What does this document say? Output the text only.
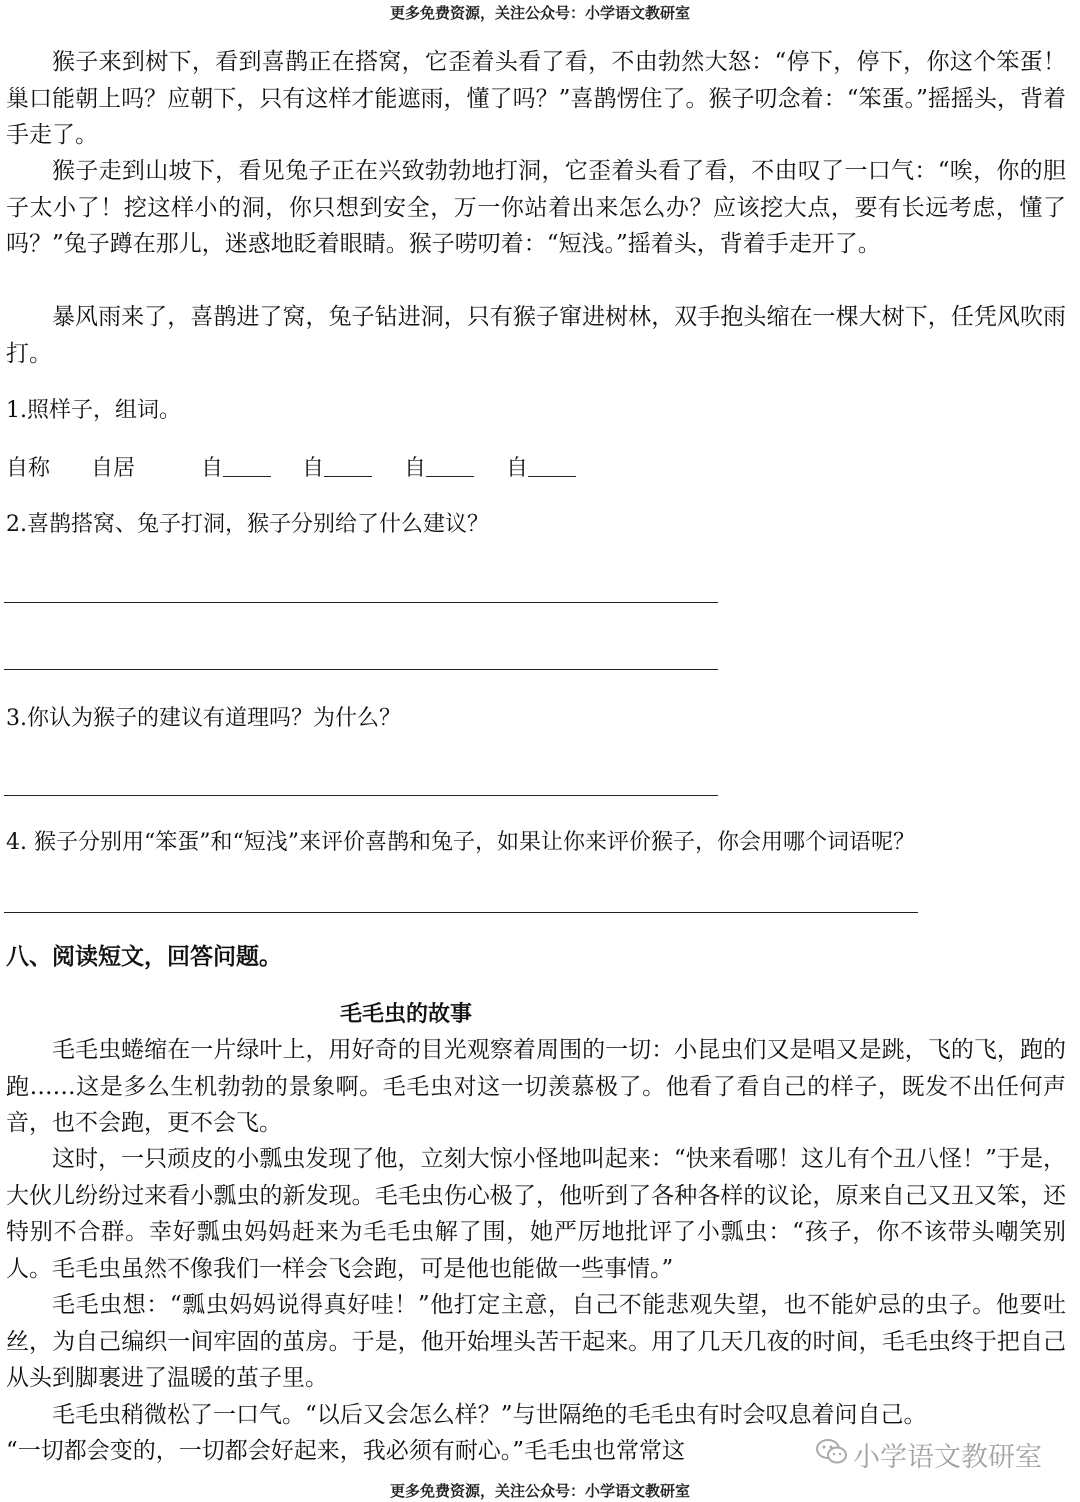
更多免费资源，关注公众号：小学语文教研室

猴子来到树下，看到喜鹊正在搭窝，它歪着头看了看，不由勃然大怒：“停下，停下，你这个笨蛋！巢口能朝上吗？应朝下，只有这样才能遮雨，懂了吗？”喜鹊愣住了。猴子叨念着：“笨蛋。”摇摇头，背着手走了。

猴子走到山坡下，看见兔子正在兴致勃勃地打洞，它歪着头看了看，不由叹了一口气：“唉，你的胆子太小了！挖这样小的洞，你只想到安全，万一你站着出来怎么办？应该挖大点，要有长远考虑，懂了吗？”兔子蹲在那儿，迷惑地眨着眼睛。猴子唠叨着：“短浅。”摇着头，背着手走开了。

暴风雨来了，喜鹊进了窝，兔子钻进洞，只有猴子窜进树林，双手抱头缩在一棵大树下，任凭风吹雨打。

1.照样子，组词。

自称 自居	自	自	自	自

2.喜鹊搭窝、兔子打洞，猴子分别给了什么建议？

3.你认为猴子的建议有道理吗？为什么？

4. 猴子分别用“笨蛋”和“短浅”来评价喜鹊和兔子，如果让你来评价猴子，你会用哪个词语呢？

八、阅读短文，回答问题。
毛毛虫的故事

毛毛虫蜷缩在一片绿叶上，用好奇的目光观察着周围的一切：小昆虫们又是唱又是跳，飞的飞，跑的跑……这是多么生机勃勃的景象啊。毛毛虫对这一切羡慕极了。他看了看自己的样子，既发不出任何声音，也不会跑，更不会飞。

这时，一只顽皮的小瓢虫发现了他，立刻大惊小怪地叫起来：“快来看哪！这儿有个丑八怪！”于是，大伙儿纷纷过来看小瓢虫的新发现。毛毛虫伤心极了，他听到了各种各样的议论，原来自己又丑又笨，还特别不合群。幸好瓢虫妈妈赶来为毛毛虫解了围，她严厉地批评了小瓢虫：“孩子，你不该带头嘲笑别人。毛毛虫虽然不像我们一样会飞会跑，可是他也能做一些事情。”

毛毛虫想：“瓢虫妈妈说得真好哇！”他打定主意，自己不能悲观失望，也不能妒忌的虫子。他要吐丝，为自己编织一间牢固的茧房。于是，他开始埋头苦干起来。用了几天几夜的时间，毛毛虫终于把自己从头到脚裹进了温暖的茧子里。

毛毛虫稍微松了一口气。“以后又会怎么样？”与世隔绝的毛毛虫有时会叹息着问自己。

“一切都会变的，一切都会好起来，我必须有耐心。”毛毛虫也常常这	小学语文教研室
更多免费资源，关注公众号：小学语文教研室
